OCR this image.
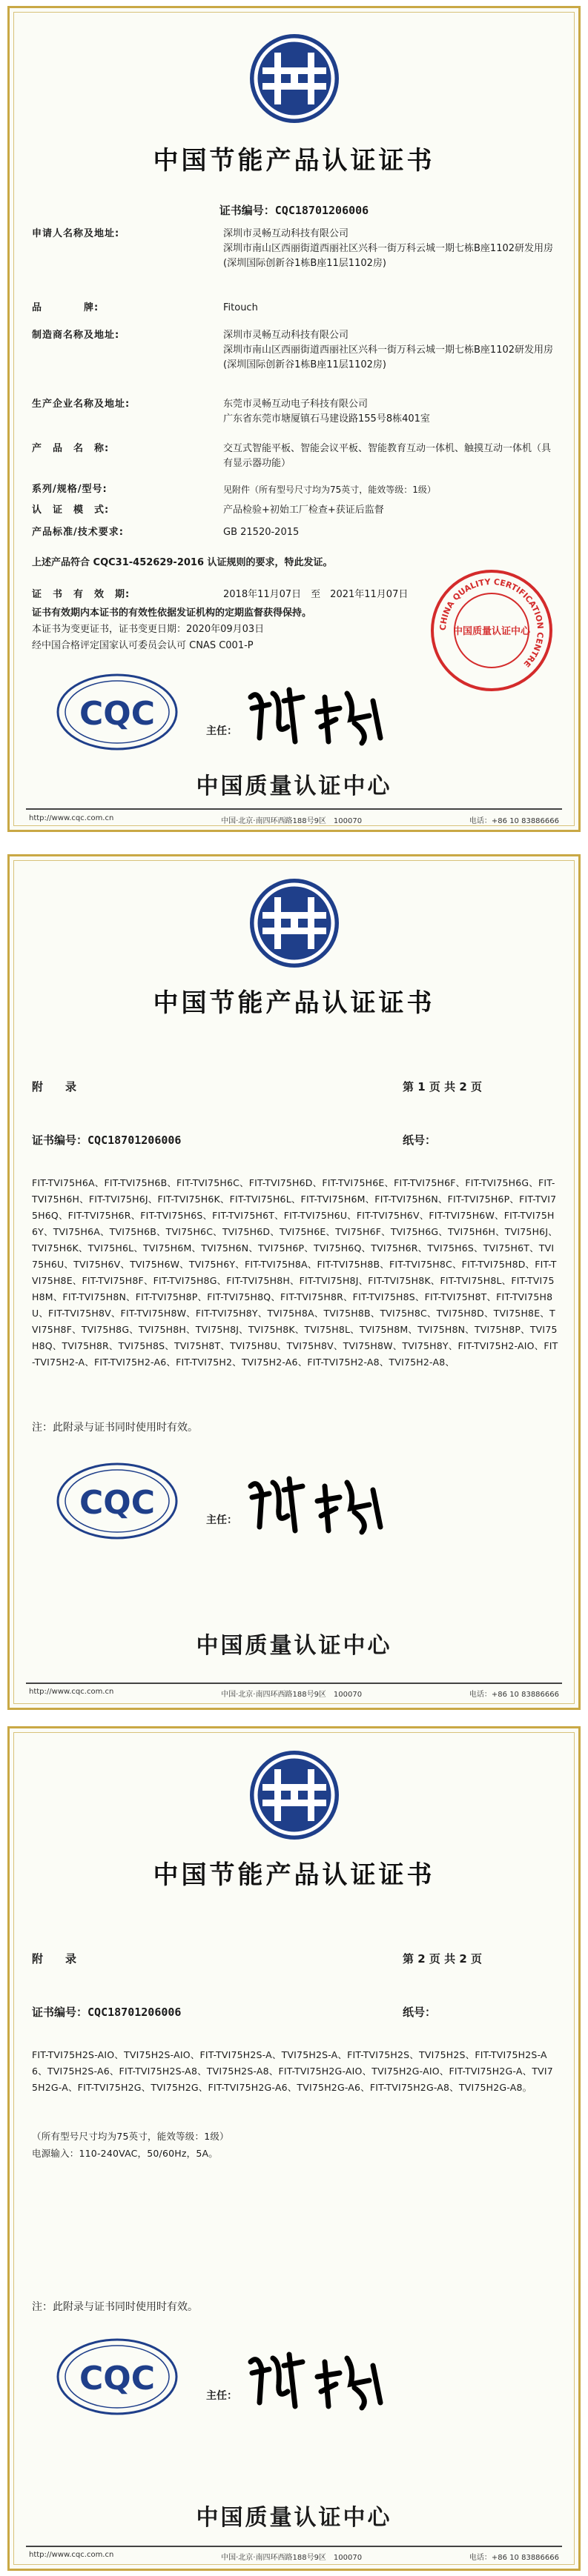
中国节能产品认证证书
证书编号：CQC18701206006
申请人名称及地址:	深圳市灵畅互动科技有限公司
深圳市南山区西丽街道西丽社区兴科一街万科云城一期七栋B座1102研发用房(深圳国际创新谷1栋B座11层1102房)
品　　　　牌:	Fitouch
制造商名称及地址:	深圳市灵畅互动科技有限公司
深圳市南山区西丽街道西丽社区兴科一街万科云城一期七栋B座1102研发用房(深圳国际创新谷1栋B座11层1102房)
生产企业名称及地址:	东莞市灵畅互动电子科技有限公司
广东省东莞市塘厦镇石马建设路155号8栋401室
产　品　名　称:	交互式智能平板、智能会议平板、智能教育互动一体机、触摸互动一体机（具有显示器功能）
系列/规格/型号:	见附件（所有型号尺寸均为75英寸，能效等级：1级）
认　证　模　式:	产品检验+初始工厂检查+获证后监督
产品标准/技术要求:	GB 21520-2015
上述产品符合 CQC31-452629-2016 认证规则的要求，特此发证。
证　书　有　效　期:	2018年11月07日　至　2021年11月07日
证书有效期内本证书的有效性依据发证机构的定期监督获得保持。
本证书为变更证书，证书变更日期：2020年09月03日
经中国合格评定国家认可委员会认可 CNAS C001-P
CHINA QUALITY CERTIFICATION CENTRE
中国质量认证中心
CQC	主任：
中国质量认证中心
http://www.cqc.com.cn	中国·北京·南四环西路188号9区　100070	电话：+86 10 83886666
中国节能产品认证证书
附　　录	第 1 页 共 2 页
证书编号：CQC18701206006	纸号：
FIT-TVI75H6A、FIT-TVI75H6B、FIT-TVI75H6C、FIT-TVI75H6D、FIT-TVI75H6E、FIT-TVI75H6F、FIT-TVI75H6G、FIT-TVI75H6H、FIT-TVI75H6J、FIT-TVI75H6K、FIT-TVI75H6L、FIT-TVI75H6M、FIT-TVI75H6N、FIT-TVI75H6P、FIT-TVI75H6Q、FIT-TVI75H6R、FIT-TVI75H6S、FIT-TVI75H6T、FIT-TVI75H6U、FIT-TVI75H6V、FIT-TVI75H6W、FIT-TVI75H6Y、TVI75H6A、TVI75H6B、TVI75H6C、TVI75H6D、TVI75H6E、TVI75H6F、TVI75H6G、TVI75H6H、TVI75H6J、TVI75H6K、TVI75H6L、TVI75H6M、TVI75H6N、TVI75H6P、TVI75H6Q、TVI75H6R、TVI75H6S、TVI75H6T、TVI75H6U、TVI75H6V、TVI75H6W、TVI75H6Y、FIT-TVI75H8A、FIT-TVI75H8B、FIT-TVI75H8C、FIT-TVI75H8D、FIT-TVI75H8E、FIT-TVI75H8F、FIT-TVI75H8G、FIT-TVI75H8H、FIT-TVI75H8J、FIT-TVI75H8K、FIT-TVI75H8L、FIT-TVI75H8M、FIT-TVI75H8N、FIT-TVI75H8P、FIT-TVI75H8Q、FIT-TVI75H8R、FIT-TVI75H8S、FIT-TVI75H8T、FIT-TVI75H8U、FIT-TVI75H8V、FIT-TVI75H8W、FIT-TVI75H8Y、TVI75H8A、TVI75H8B、TVI75H8C、TVI75H8D、TVI75H8E、TVI75H8F、TVI75H8G、TVI75H8H、TVI75H8J、TVI75H8K、TVI75H8L、TVI75H8M、TVI75H8N、TVI75H8P、TVI75H8Q、TVI75H8R、TVI75H8S、TVI75H8T、TVI75H8U、TVI75H8V、TVI75H8W、TVI75H8Y、FIT-TVI75H2-AIO、FIT-TVI75H2-A、FIT-TVI75H2-A6、FIT-TVI75H2、TVI75H2-A6、FIT-TVI75H2-A8、TVI75H2-A8、
注：此附录与证书同时使用时有效。
CQC	主任：
中国质量认证中心
http://www.cqc.com.cn	中国·北京·南四环西路188号9区　100070	电话：+86 10 83886666
中国节能产品认证证书
附　　录	第 2 页 共 2 页
证书编号：CQC18701206006	纸号：
FIT-TVI75H2S-AIO、TVI75H2S-AIO、FIT-TVI75H2S-A、TVI75H2S-A、FIT-TVI75H2S、TVI75H2S、FIT-TVI75H2S-A6、TVI75H2S-A6、FIT-TVI75H2S-A8、TVI75H2S-A8、FIT-TVI75H2G-AIO、TVI75H2G-AIO、FIT-TVI75H2G-A、TVI75H2G-A、FIT-TVI75H2G、TVI75H2G、FIT-TVI75H2G-A6、TVI75H2G-A6、FIT-TVI75H2G-A8、TVI75H2G-A8。
（所有型号尺寸均为75英寸，能效等级：1级）
电源输入：110-240VAC，50/60Hz，5A。
注：此附录与证书同时使用时有效。
CQC	主任：
中国质量认证中心
http://www.cqc.com.cn	中国·北京·南四环西路188号9区　100070	电话：+86 10 83886666
